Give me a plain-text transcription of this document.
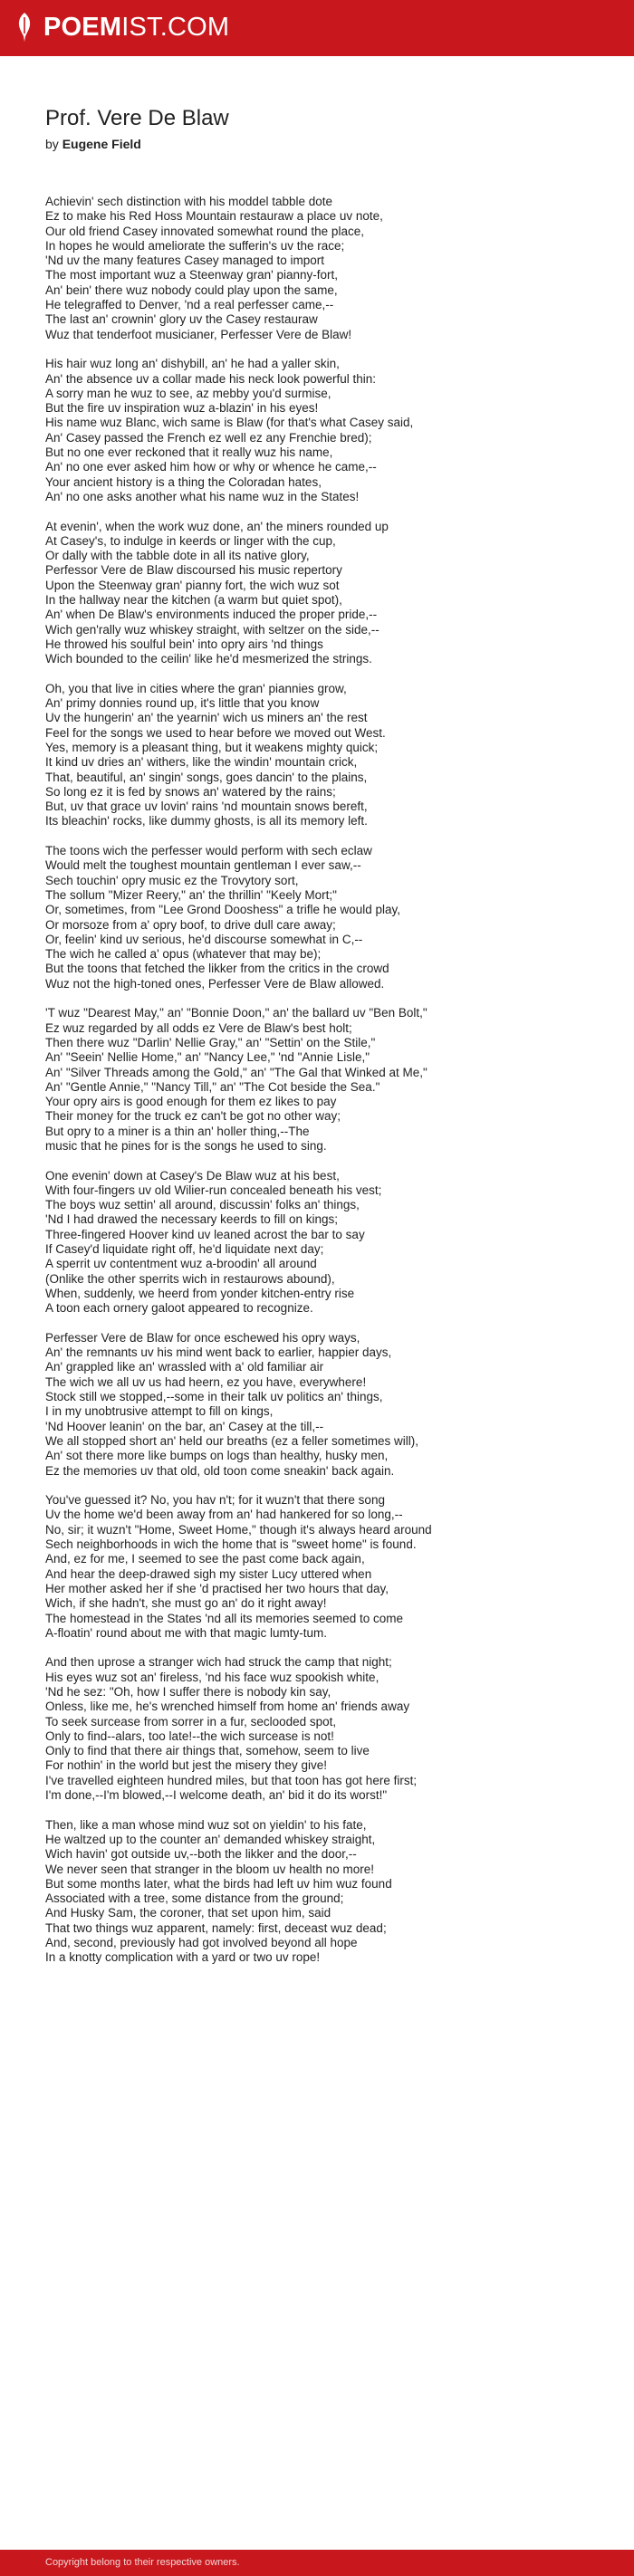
POEMIST.COM
Prof. Vere De Blaw
by Eugene Field
Achievin' sech distinction with his moddel tabble dote
Ez to make his Red Hoss Mountain restauraw a place uv note,
Our old friend Casey innovated somewhat round the place,
In hopes he would ameliorate the sufferin's uv the race;
'Nd uv the many features Casey managed to import
The most important wuz a Steenway gran' pianny-fort,
An' bein' there wuz nobody could play upon the same,
He telegraffed to Denver, 'nd a real perfesser came,--
The last an' crownin' glory uv the Casey restauraw
Wuz that tenderfoot musicianer, Perfesser Vere de Blaw!
His hair wuz long an' dishybill, an' he had a yaller skin,
An' the absence uv a collar made his neck look powerful thin:
A sorry man he wuz to see, az mebby you'd surmise,
But the fire uv inspiration wuz a-blazin' in his eyes!
His name wuz Blanc, wich same is Blaw (for that's what Casey said,
An' Casey passed the French ez well ez any Frenchie bred);
But no one ever reckoned that it really wuz his name,
An' no one ever asked him how or why or whence he came,--
Your ancient history is a thing the Coloradan hates,
An' no one asks another what his name wuz in the States!
At evenin', when the work wuz done, an' the miners rounded up
At Casey's, to indulge in keerds or linger with the cup,
Or dally with the tabble dote in all its native glory,
Perfessor Vere de Blaw discoursed his music repertory
Upon the Steenway gran' pianny fort, the wich wuz sot
In the hallway near the kitchen (a warm but quiet spot),
An' when De Blaw's environments induced the proper pride,--
Wich gen'rally wuz whiskey straight, with seltzer on the side,--
He throwed his soulful bein' into opry airs 'nd things
Wich bounded to the ceilin' like he'd mesmerized the strings.
Oh, you that live in cities where the gran' piannies grow,
An' primy donnies round up, it's little that you know
Uv the hungerin' an' the yearnin' wich us miners an' the rest
Feel for the songs we used to hear before we moved out West.
Yes, memory is a pleasant thing, but it weakens mighty quick;
It kind uv dries an' withers, like the windin' mountain crick,
That, beautiful, an' singin' songs, goes dancin' to the plains,
So long ez it is fed by snows an' watered by the rains;
But, uv that grace uv lovin' rains 'nd mountain snows bereft,
Its bleachin' rocks, like dummy ghosts, is all its memory left.
The toons wich the perfesser would perform with sech eclaw
Would melt the toughest mountain gentleman I ever saw,--
Sech touchin' opry music ez the Trovytory sort,
The sollum "Mizer Reery," an' the thrillin' "Keely Mort;"
Or, sometimes, from "Lee Grond Dooshess" a trifle he would play,
Or morsoze from a' opry boof, to drive dull care away;
Or, feelin' kind uv serious, he'd discourse somewhat in C,--
The wich he called a' opus (whatever that may be);
But the toons that fetched the likker from the critics in the crowd
Wuz not the high-toned ones, Perfesser Vere de Blaw allowed.
'T wuz "Dearest May," an' "Bonnie Doon," an' the ballard uv "Ben Bolt,"
Ez wuz regarded by all odds ez Vere de Blaw's best holt;
Then there wuz "Darlin' Nellie Gray," an' "Settin' on the Stile,"
An' "Seein' Nellie Home," an' "Nancy Lee," 'nd "Annie Lisle,"
An' "Silver Threads among the Gold," an' "The Gal that Winked at Me,"
An' "Gentle Annie," "Nancy Till," an' "The Cot beside the Sea."
Your opry airs is good enough for them ez likes to pay
Their money for the truck ez can't be got no other way;
But opry to a miner is a thin an' holler thing,--The
music that he pines for is the songs he used to sing.
One evenin' down at Casey's De Blaw wuz at his best,
With four-fingers uv old Wilier-run concealed beneath his vest;
The boys wuz settin' all around, discussin' folks an' things,
'Nd I had drawed the necessary keerds to fill on kings;
Three-fingered Hoover kind uv leaned acrost the bar to say
If Casey'd liquidate right off, he'd liquidate next day;
A sperrit uv contentment wuz a-broodin' all around
(Onlike the other sperrits wich in restaurows abound),
When, suddenly, we heerd from yonder kitchen-entry rise
A toon each ornery galoot appeared to recognize.
Perfesser Vere de Blaw for once eschewed his opry ways,
An' the remnants uv his mind went back to earlier, happier days,
An' grappled like an' wrassled with a' old familiar air
The wich we all uv us had heern, ez you have, everywhere!
Stock still we stopped,--some in their talk uv politics an' things,
I in my unobtrusive attempt to fill on kings,
'Nd Hoover leanin' on the bar, an' Casey at the till,--
We all stopped short an' held our breaths (ez a feller sometimes will),
An' sot there more like bumps on logs than healthy, husky men,
Ez the memories uv that old, old toon come sneakin' back again.
You've guessed it? No, you hav n't; for it wuzn't that there song
Uv the home we'd been away from an' had hankered for so long,--
No, sir; it wuzn't "Home, Sweet Home," though it's always heard around
Sech neighborhoods in wich the home that is "sweet home" is found.
And, ez for me, I seemed to see the past come back again,
And hear the deep-drawed sigh my sister Lucy uttered when
Her mother asked her if she 'd practised her two hours that day,
Wich, if she hadn't, she must go an' do it right away!
The homestead in the States 'nd all its memories seemed to come
A-floatin' round about me with that magic lumty-tum.
And then uprose a stranger wich had struck the camp that night;
His eyes wuz sot an' fireless, 'nd his face wuz spookish white,
'Nd he sez: "Oh, how I suffer there is nobody kin say,
Onless, like me, he's wrenched himself from home an' friends away
To seek surcease from sorrer in a fur, seclooded spot,
Only to find--alars, too late!--the wich surcease is not!
Only to find that there air things that, somehow, seem to live
For nothin' in the world but jest the misery they give!
I've travelled eighteen hundred miles, but that toon has got here first;
I'm done,--I'm blowed,--I welcome death, an' bid it do its worst!"
Then, like a man whose mind wuz sot on yieldin' to his fate,
He waltzed up to the counter an' demanded whiskey straight,
Wich havin' got outside uv,--both the likker and the door,--
We never seen that stranger in the bloom uv health no more!
But some months later, what the birds had left uv him wuz found
Associated with a tree, some distance from the ground;
And Husky Sam, the coroner, that set upon him, said
That two things wuz apparent, namely: first, deceast wuz dead;
And, second, previously had got involved beyond all hope
In a knotty complication with a yard or two uv rope!
Copyright belong to their respective owners.
